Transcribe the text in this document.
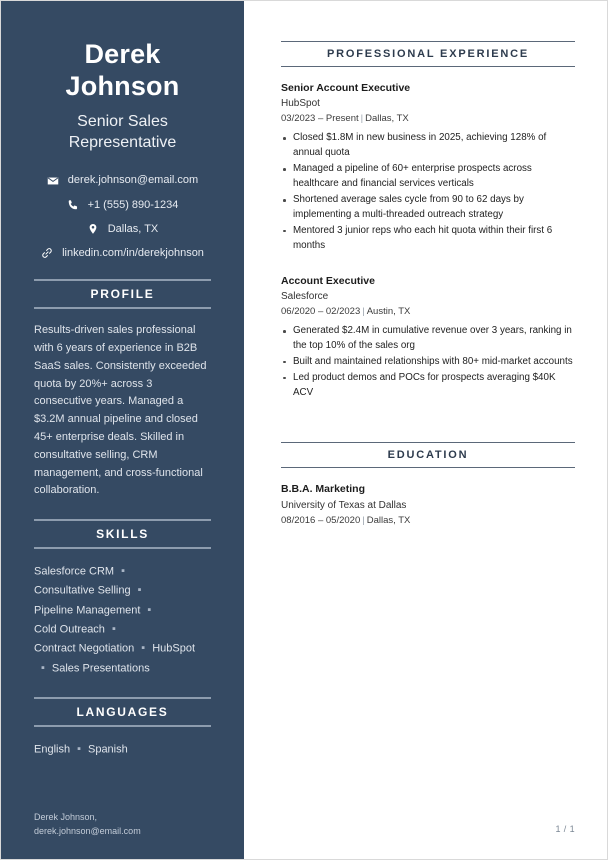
Derek Johnson
Senior Sales Representative
derek.johnson@email.com
+1 (555) 890-1234
Dallas, TX
linkedin.com/in/derekjohnson
PROFILE
Results-driven sales professional with 6 years of experience in B2B SaaS sales. Consistently exceeded quota by 20%+ across 3 consecutive years. Managed a $3.2M annual pipeline and closed 45+ enterprise deals. Skilled in consultative selling, CRM management, and cross-functional collaboration.
SKILLS
Salesforce CRM ▪Consultative Selling ▪Pipeline Management ▪Cold Outreach ▪Contract Negotiation ▪ HubSpot▪ Sales Presentations
LANGUAGES
English ▪ Spanish
Derek Johnson,
derek.johnson@email.com
PROFESSIONAL EXPERIENCE
Senior Account Executive
HubSpot
03/2023 – Present | Dallas, TX
Closed $1.8M in new business in 2025, achieving 128% of annual quota
Managed a pipeline of 60+ enterprise prospects across healthcare and financial services verticals
Shortened average sales cycle from 90 to 62 days by implementing a multi-threaded outreach strategy
Mentored 3 junior reps who each hit quota within their first 6 months
Account Executive
Salesforce
06/2020 – 02/2023 | Austin, TX
Generated $2.4M in cumulative revenue over 3 years, ranking in the top 10% of the sales org
Built and maintained relationships with 80+ mid-market accounts
Led product demos and POCs for prospects averaging $40K ACV
EDUCATION
B.B.A. Marketing
University of Texas at Dallas
08/2016 – 05/2020 | Dallas, TX
1 / 1
